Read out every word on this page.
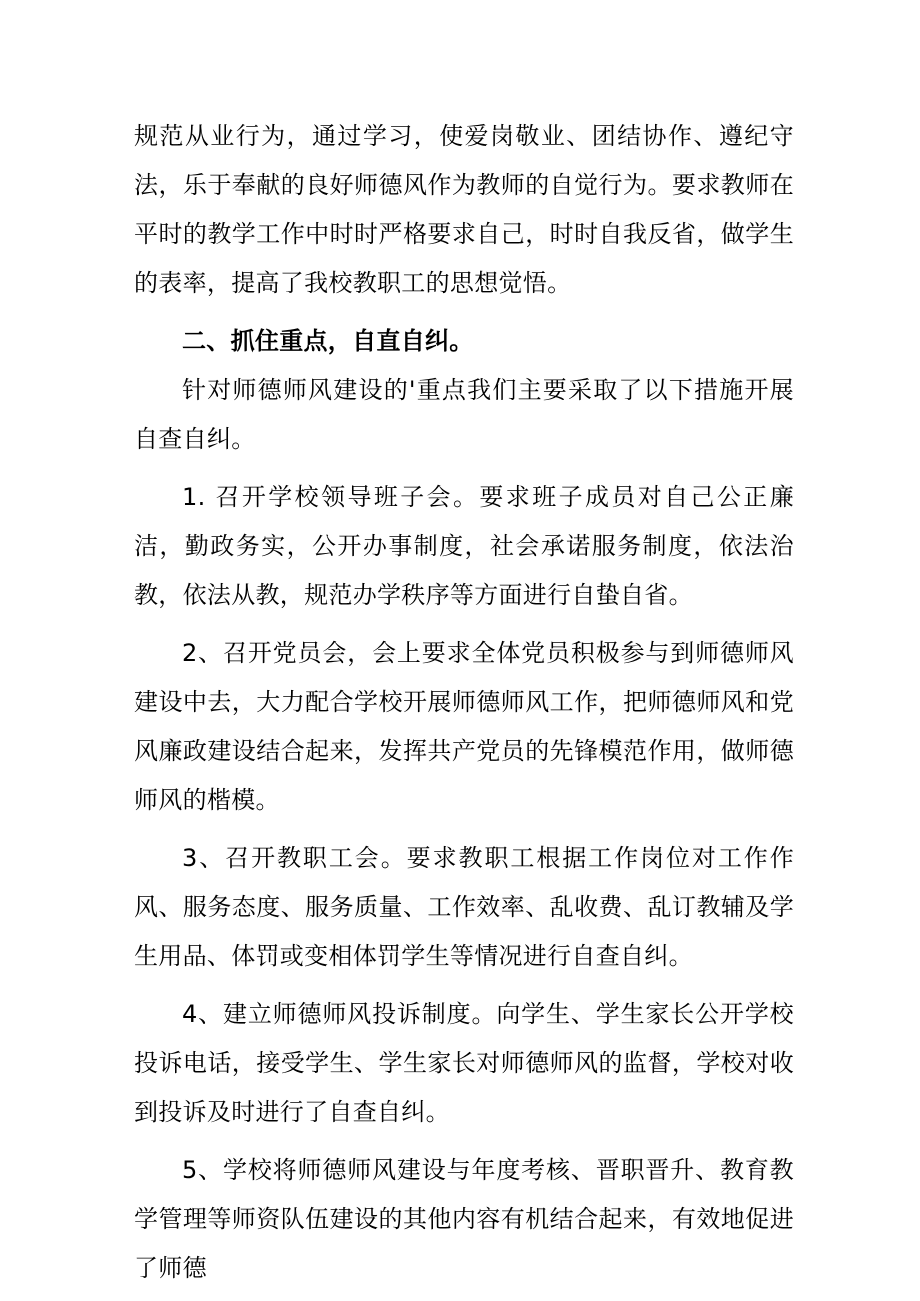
规范从业行为，通过学习，使爱岗敬业、团结协作、遵纪守法，乐于奉献的良好师德风作为教师的自觉行为。要求教师在平时的教学工作中时时严格要求自己，时时自我反省，做学生的表率，提高了我校教职工的思想觉悟。

二、抓住重点，自直自纠。

针对师德师风建设的'重点我们主要采取了以下措施开展自查自纠。

1. 召开学校领导班子会。要求班子成员对自己公正廉洁，勤政务实，公开办事制度，社会承诺服务制度，依法治教，依法从教，规范办学秩序等方面进行自蛰自省。

2、召开党员会，会上要求全体党员积极参与到师德师风建设中去，大力配合学校开展师德师风工作，把师德师风和党风廉政建设结合起来，发挥共产党员的先锋模范作用，做师德师风的楷模。

3、召开教职工会。要求教职工根据工作岗位对工作作风、服务态度、服务质量、工作效率、乱收费、乱订教辅及学生用品、体罚或变相体罚学生等情况进行自查自纠。

4、建立师德师风投诉制度。向学生、学生家长公开学校投诉电话，接受学生、学生家长对师德师风的监督，学校对收到投诉及时进行了自查自纠。

5、学校将师德师风建设与年度考核、晋职晋升、教育教学管理等师资队伍建设的其他内容有机结合起来，有效地促进了师德
